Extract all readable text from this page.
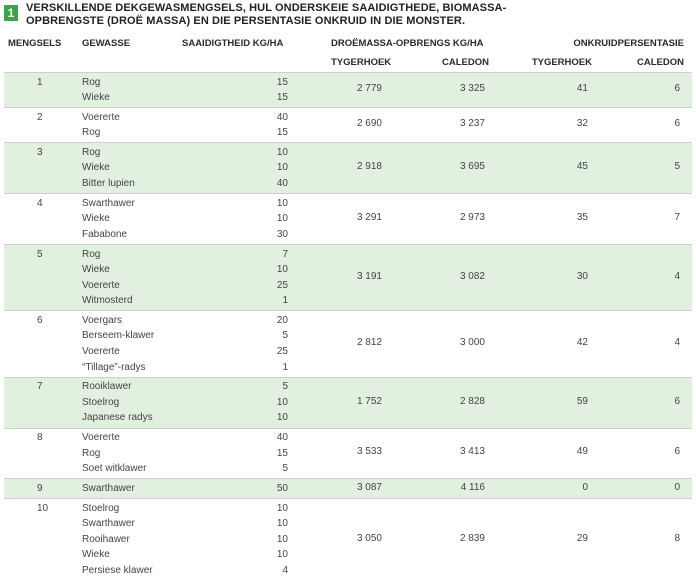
1	VERSKILLENDE DEKGEWASMENGSELS, HUL ONDERSKEIE SAAIDIGTHEDE, BIOMASSA-OPBRENGSTE (DROË MASSA) EN DIE PERSENTASIE ONKRUID IN DIE MONSTER.
MENGSELS GEWASSE	SAAIDIGTHEID KG/HA	DROËMASSA-OPBRENGS KG/HA	ONKRUIDPERSENTASIE
TYGERHOEK	CALEDON	TYGERHOEK	CALEDON
1	Rog	15
Wieke	15
2 779	3 325	41	6
2	Voererte	40
Rog	15
2 690	3 237	32	6
3	Rog	10
Wieke	10
Bitter lupien	40
2 918	3 695	45	5
4	Swarthawer	10
Wieke	10
Fababone	30
3 291	2 973	35	7
5	Rog	7
Wieke	10
Voererte	25
Witmosterd	1
3 191	3 082	30	4
6	Voergars	20
Berseem-klawer	5
Voererte	25
“Tillage”-radys	1
2 812	3 000	42	4
7	Rooiklawer	5
Stoelrog	10
Japanese radys	10
1 752	2 828	59	6
8	Voererte	40
Rog	15
Soet witklawer	5
3 533	3 413	49	6
9	Swarthawer	50	3 087	4 116	0	0
10	Stoelrog	10
Swarthawer	10
Rooihawer	10
Wieke	10
Persiese klawer	4
3 050	2 839	29	8
